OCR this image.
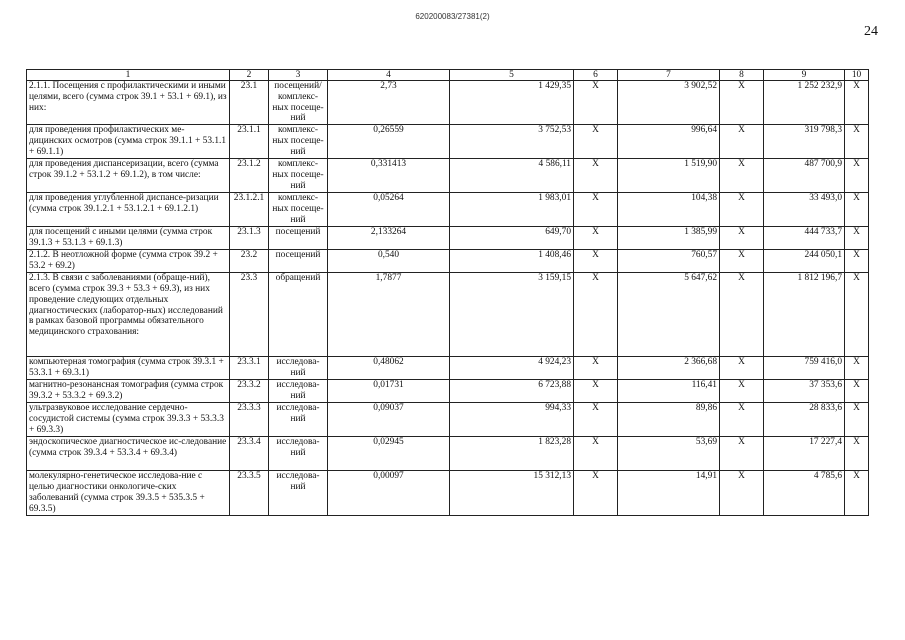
620200083/27381(2)
24
1	2	3	4	5	6	7	8	9	10
2.1.1. Посещения с профилактическими и иными целями, всего (сумма строк 39.1 + 53.1 + 69.1), из них:	23.1	посещений/ комплекс-ных посеще-ний	2,73	1 429,35	X	3 902,52	X	1 252 232,9	X
для проведения профилактических ме-дицинских осмотров (сумма строк 39.1.1 + 53.1.1 + 69.1.1)	23.1.1	комплекс-ных посеще-ний	0,26559	3 752,53	X	996,64	X	319 798,3	X
для проведения диспансеризации, всего (сумма строк 39.1.2 + 53.1.2 + 69.1.2), в том числе:	23.1.2	комплекс-ных посеще-ний	0,331413	4 586,11	X	1 519,90	X	487 700,9	X
для проведения углубленной диспансе-ризации (сумма строк 39.1.2.1 + 53.1.2.1 + 69.1.2.1)	23.1.2.1	комплекс-ных посеще-ний	0,05264	1 983,01	X	104,38	X	33 493,0	X
для посещений с иными целями (сумма строк 39.1.3 + 53.1.3 + 69.1.3)	23.1.3	посещений	2,133264	649,70	X	1 385,99	X	444 733,7	X
2.1.2. В неотложной форме (сумма строк 39.2 + 53.2 + 69.2)	23.2	посещений	0,540	1 408,46	X	760,57	X	244 050,1	X
2.1.3. В связи с заболеваниями (обраще-ний), всего (сумма строк 39.3 + 53.3 + 69.3), из них проведение следующих отдельных диагностических (лаборатор-ных) исследований в рамках базовой программы обязательного медицинского страхования:	23.3	обращений	1,7877	3 159,15	X	5 647,62	X	1 812 196,7	X
компьютерная томография (сумма строк 39.3.1 + 53.3.1 + 69.3.1)	23.3.1	исследова-ний	0,48062	4 924,23	X	2 366,68	X	759 416,0	X
магнитно-резонансная томография (сумма строк 39.3.2 + 53.3.2 + 69.3.2)	23.3.2	исследова-ний	0,01731	6 723,88	X	116,41	X	37 353,6	X
ультразвуковое исследование сердечно-сосудистой системы (сумма строк 39.3.3 + 53.3.3 + 69.3.3)	23.3.3	исследова-ний	0,09037	994,33	X	89,86	X	28 833,6	X
эндоскопическое диагностическое ис-следование (сумма строк 39.3.4 + 53.3.4 + 69.3.4)	23.3.4	исследова-ний	0,02945	1 823,28	X	53,69	X	17 227,4	X
молекулярно-генетическое исследова-ние с целью диагностики онкологиче-ских заболеваний (сумма строк 39.3.5 + 535.3.5 + 69.3.5)	23.3.5	исследова-ний	0,00097	15 312,13	X	14,91	X	4 785,6	X
